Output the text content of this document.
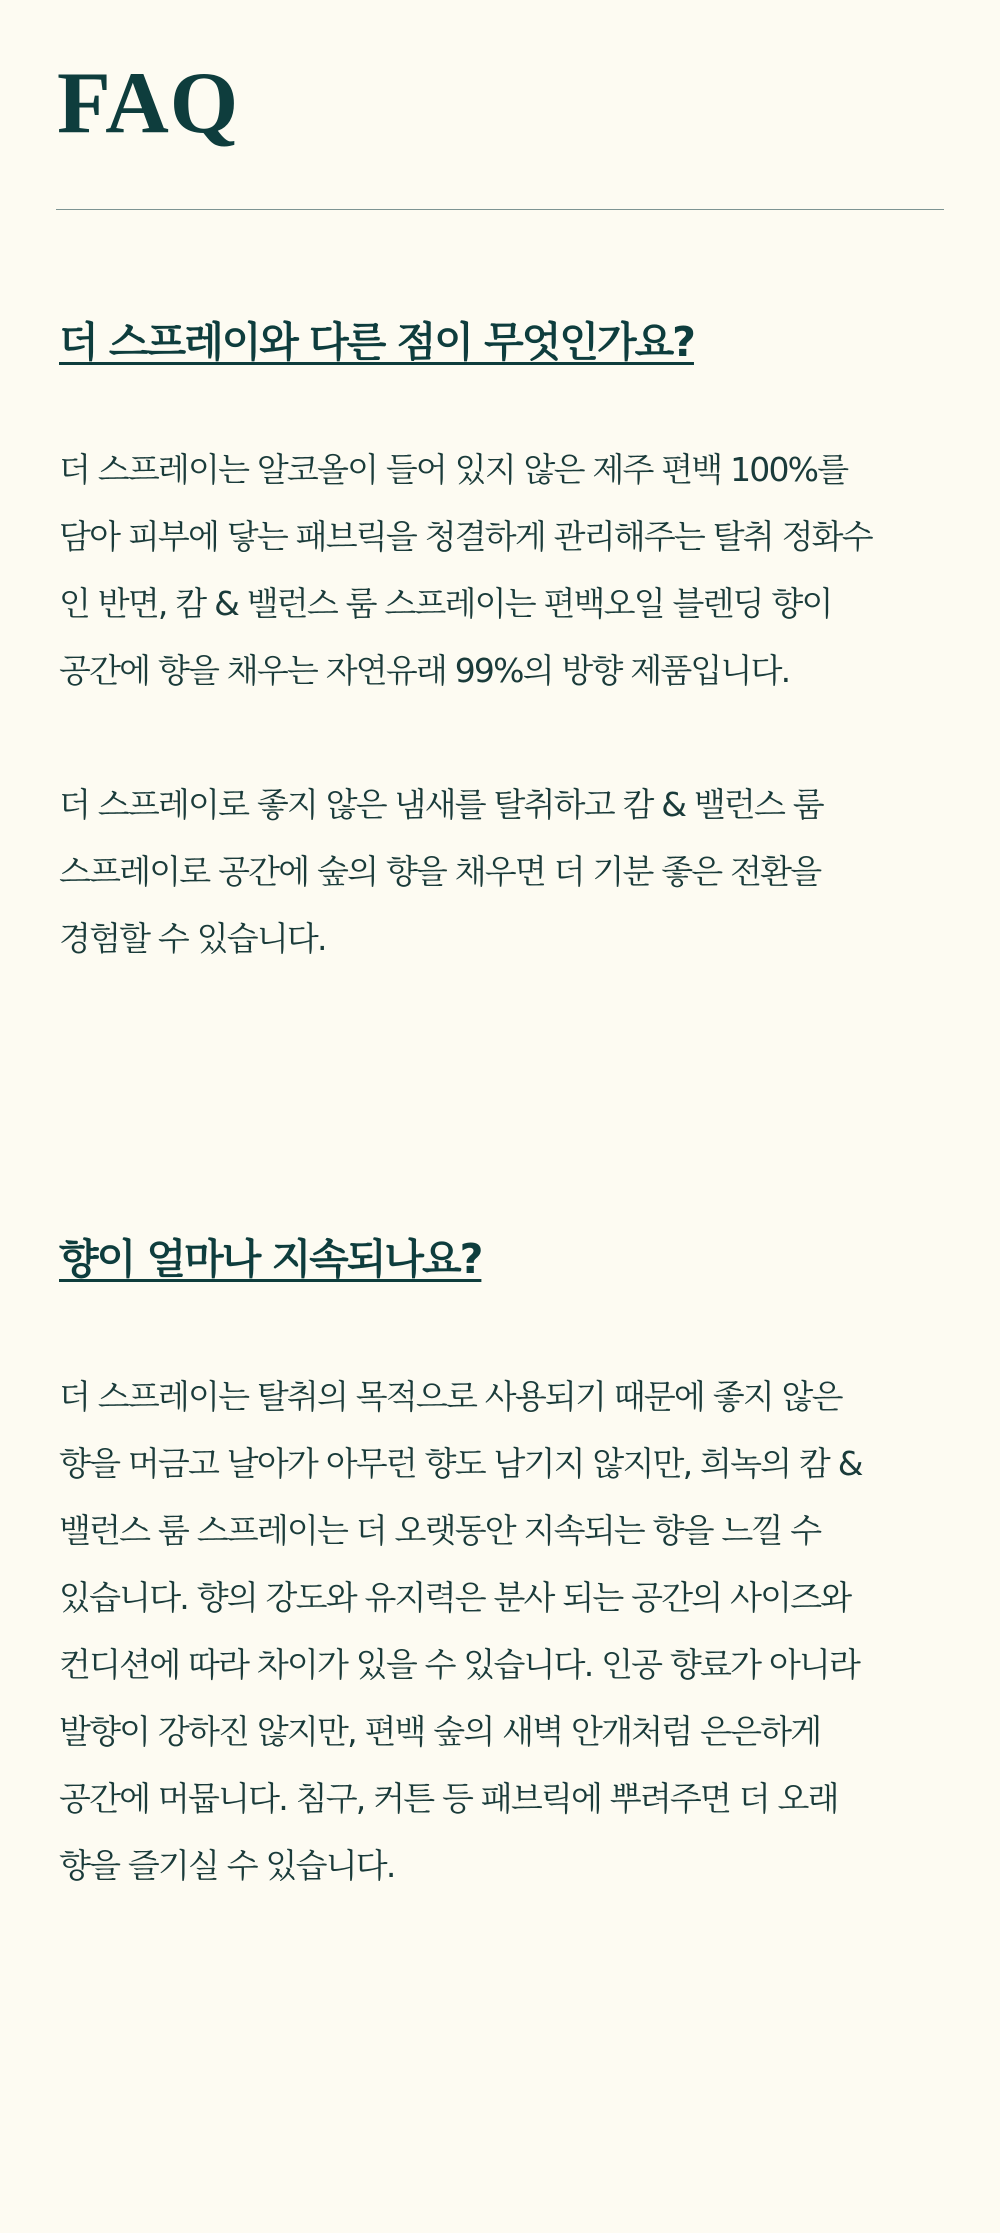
FAQ
더 스프레이와 다른 점이 무엇인가요?
더 스프레이는 알코올이 들어 있지 않은 제주 편백 100%를
담아 피부에 닿는 패브릭을 청결하게 관리해주는 탈취 정화수
인 반면, 캄 & 밸런스 룸 스프레이는 편백오일 블렌딩 향이
공간에 향을 채우는 자연유래 99%의 방향 제품입니다.
더 스프레이로 좋지 않은 냄새를 탈취하고 캄 & 밸런스 룸
스프레이로 공간에 숲의 향을 채우면 더 기분 좋은 전환을
경험할 수 있습니다.
향이 얼마나 지속되나요?
더 스프레이는 탈취의 목적으로 사용되기 때문에 좋지 않은
향을 머금고 날아가 아무런 향도 남기지 않지만, 희녹의 캄 &
밸런스 룸 스프레이는 더 오랫동안 지속되는 향을 느낄 수
있습니다. 향의 강도와 유지력은 분사 되는 공간의 사이즈와
컨디션에 따라 차이가 있을 수 있습니다. 인공 향료가 아니라
발향이 강하진 않지만, 편백 숲의 새벽 안개처럼 은은하게
공간에 머뭅니다. 침구, 커튼 등 패브릭에 뿌려주면 더 오래
향을 즐기실 수 있습니다.
